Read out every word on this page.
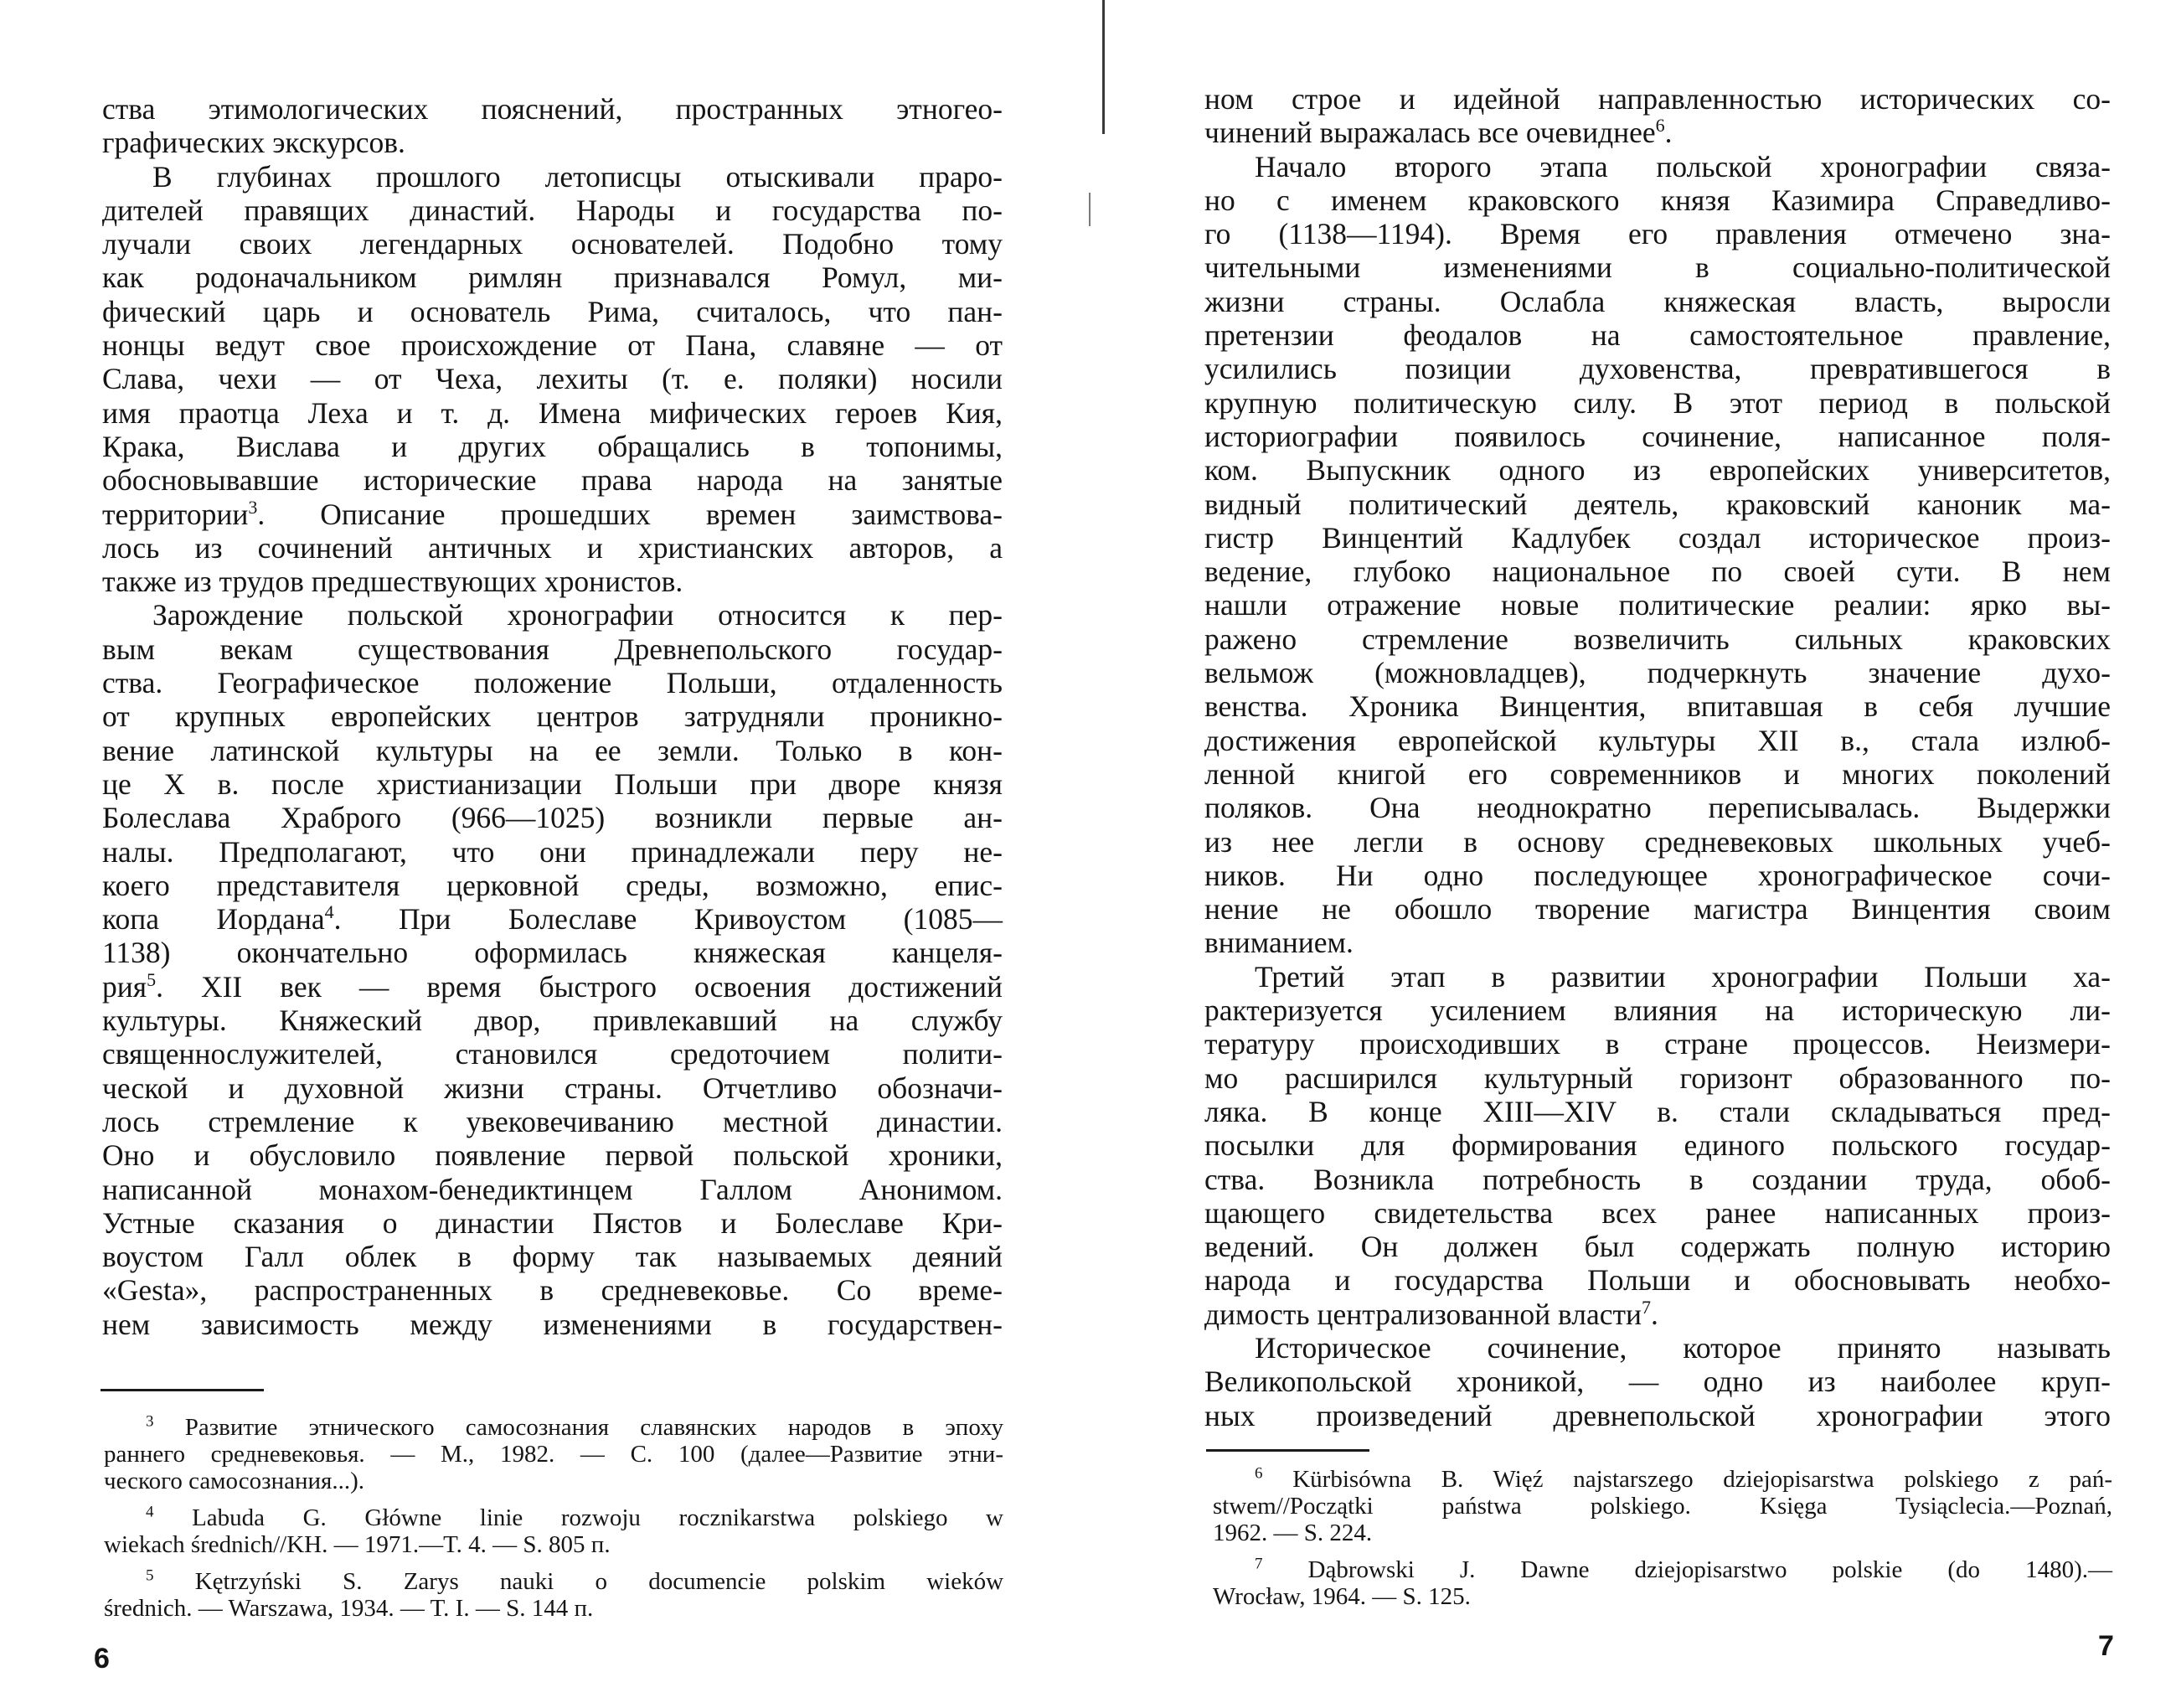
ства этимологических пояснений, пространных этногео-
графических экскурсов.
В глубинах прошлого летописцы отыскивали праро-
дителей правящих династий. Народы и государства по-
лучали своих легендарных основателей. Подобно тому
как родоначальником римлян признавался Ромул, ми-
фический царь и основатель Рима, считалось, что пан-
нонцы ведут свое происхождение от Пана, славяне — от
Слава, чехи — от Чеха, лехиты (т. е. поляки) носили
имя праотца Леха и т. д. Имена мифических героев Кия,
Крака, Вислава и других обращались в топонимы,
обосновывавшие исторические права народа на занятые
территории$^3$. Описание прошедших времен заимствова-
лось из сочинений античных и христианских авторов, а
также из трудов предшествующих хронистов.
Зарождение польской хронографии относится к пер-
вым векам существования Древнепольского государ-
ства. Географическое положение Польши, отдаленность
от крупных европейских центров затрудняли проникно-
вение латинской культуры на ее земли. Только в кон-
це X в. после христианизации Польши при дворе князя
Болеслава Храброго (966—1025) возникли первые ан-
налы. Предполагают, что они принадлежали перу не-
коего представителя церковной среды, возможно, епис-
копа Иордана$^4$. При Болеславе Кривоустом (1085—
1138) окончательно оформилась княжеская канцеля-
рия$^5$. XII век — время быстрого освоения достижений
культуры. Княжеский двор, привлекавший на службу
священнослужителей, становился средоточием полити-
ческой и духовной жизни страны. Отчетливо обозначи-
лось стремление к увековечиванию местной династии.
Оно и обусловило появление первой польской хроники,
написанной монахом-бенедиктинцем Галлом Анонимом.
Устные сказания о династии Пястов и Болеславе Кри-
воустом Галл облек в форму так называемых деяний
«Gesta», распространенных в средневековье. Со време-
нем зависимость между изменениями в государствен-
$^3$ Развитие этнического самосознания славянских народов в эпоху
раннего средневековья. — М., 1982. — С. 100 (далее—Развитие этни-
ческого самосознания...).
$^4$ Labuda G. Główne linie rozwoju rocznikarstwa polskiego w
wiekach średnich//KH. — 1971.—T. 4. — S. 805 п.
$^5$ Kętrzyński S. Zarys nauki o documencie polskim wieków
średnich. — Warszawa, 1934. — T. I. — S. 144 п.
6
ном строе и идейной направленностью исторических со-
чинений выражалась все очевиднее$^6$.
Начало второго этапа польской хронографии связа-
но с именем краковского князя Казимира Справедливо-
го (1138—1194). Время его правления отмечено зна-
чительными изменениями в социально-политической
жизни страны. Ослабла княжеская власть, выросли
претензии феодалов на самостоятельное правление,
усилились позиции духовенства, превратившегося в
крупную политическую силу. В этот период в польской
историографии появилось сочинение, написанное поля-
ком. Выпускник одного из европейских университетов,
видный политический деятель, краковский каноник ма-
гистр Винцентий Кадлубек создал историческое произ-
ведение, глубоко национальное по своей сути. В нем
нашли отражение новые политические реалии: ярко вы-
ражено стремление возвеличить сильных краковских
вельмож (можновладцев), подчеркнуть значение духо-
венства. Хроника Винцентия, впитавшая в себя лучшие
достижения европейской культуры XII в., стала излюб-
ленной книгой его современников и многих поколений
поляков. Она неоднократно переписывалась. Выдержки
из нее легли в основу средневековых школьных учеб-
ников. Ни одно последующее хронографическое сочи-
нение не обошло творение магистра Винцентия своим
вниманием.
Третий этап в развитии хронографии Польши ха-
рактеризуется усилением влияния на историческую ли-
тературу происходивших в стране процессов. Неизмери-
мо расширился культурный горизонт образованного по-
ляка. В конце XIII—XIV в. стали складываться пред-
посылки для формирования единого польского государ-
ства. Возникла потребность в создании труда, обоб-
щающего свидетельства всех ранее написанных произ-
ведений. Он должен был содержать полную историю
народа и государства Польши и обосновывать необхо-
димость централизованной власти$^7$.
Историческое сочинение, которое принято называть
Великопольской хроникой, — одно из наиболее круп-
ных произведений древнепольской хронографии этого
$^6$ Kürbisówna B. Więź najstarszego dziejopisarstwa polskiego z pań-
stwem//Początki państwa polskiego. Księga Tysiąclecia.—Poznań,
1962. — S. 224.
$^7$ Dąbrowski J. Dawne dziejopisarstwo polskie (do 1480).—
Wrocław, 1964. — S. 125.
7
